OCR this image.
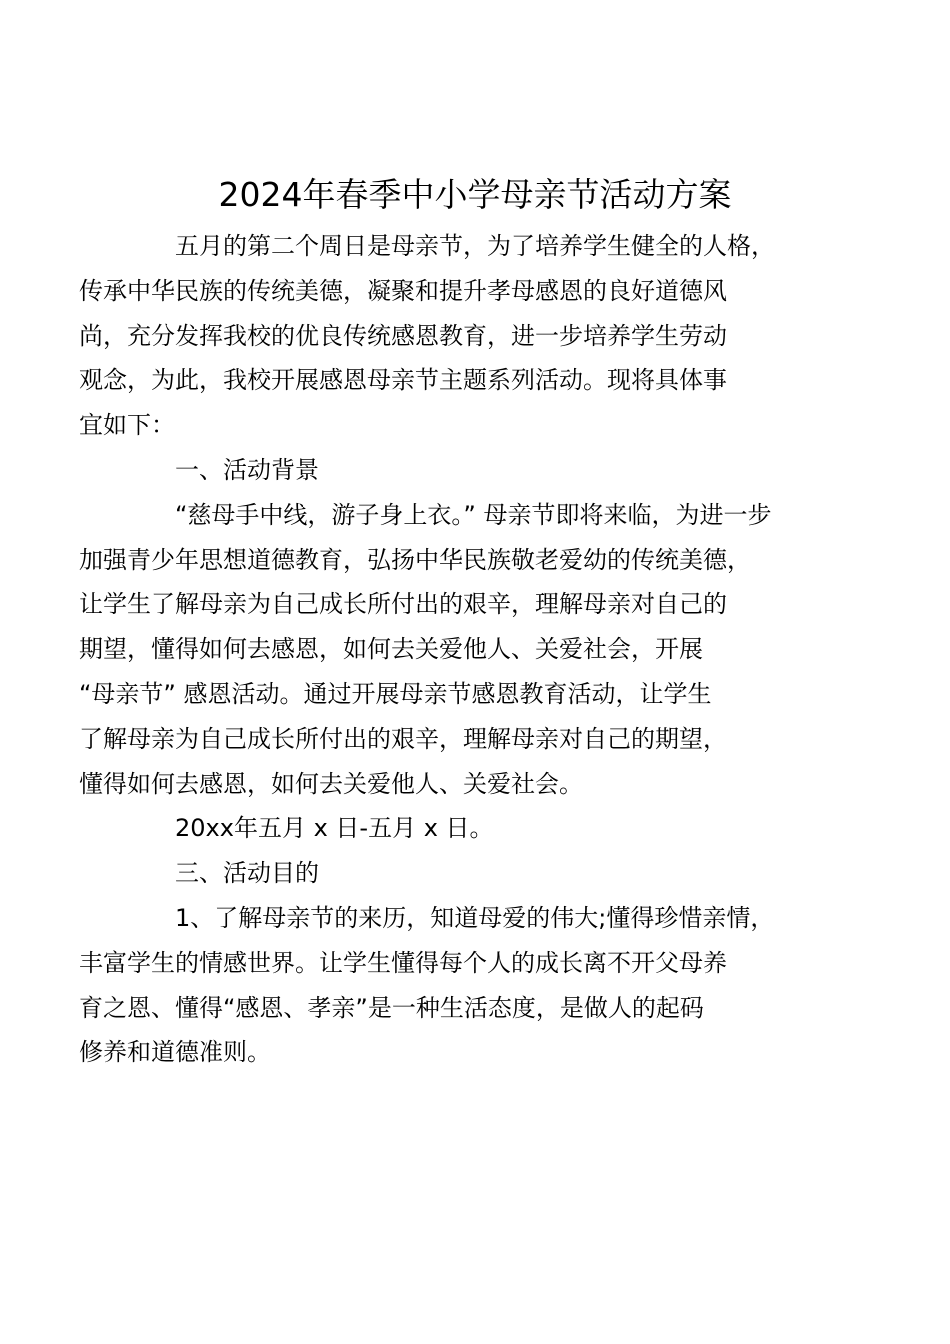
2024年春季中小学母亲节活动方案

五月的第二个周日是母亲节，为了培养学生健全的人格，
传承中华民族的传统美德，凝聚和提升孝母感恩的良好道德风
尚，充分发挥我校的优良传统感恩教育，进一步培养学生劳动
观念，为此，我校开展感恩母亲节主题系列活动。现将具体事
宜如下：

一、活动背景

“慈母手中线，游子身上衣。” 母亲节即将来临，为进一步
加强青少年思想道德教育，弘扬中华民族敬老爱幼的传统美德，
让学生了解母亲为自己成长所付出的艰辛，理解母亲对自己的
期望，懂得如何去感恩，如何去关爱他人、关爱社会，开展
“母亲节” 感恩活动。通过开展母亲节感恩教育活动，让学生
了解母亲为自己成长所付出的艰辛，理解母亲对自己的期望，
懂得如何去感恩，如何去关爱他人、关爱社会。

20xx年五月 x 日-五月 x 日。

三、活动目的

1、了解母亲节的来历，知道母爱的伟大;懂得珍惜亲情，
丰富学生的情感世界。让学生懂得每个人的成长离不开父母养
育之恩、懂得“感恩、孝亲”是一种生活态度，是做人的起码
修养和道德准则。
